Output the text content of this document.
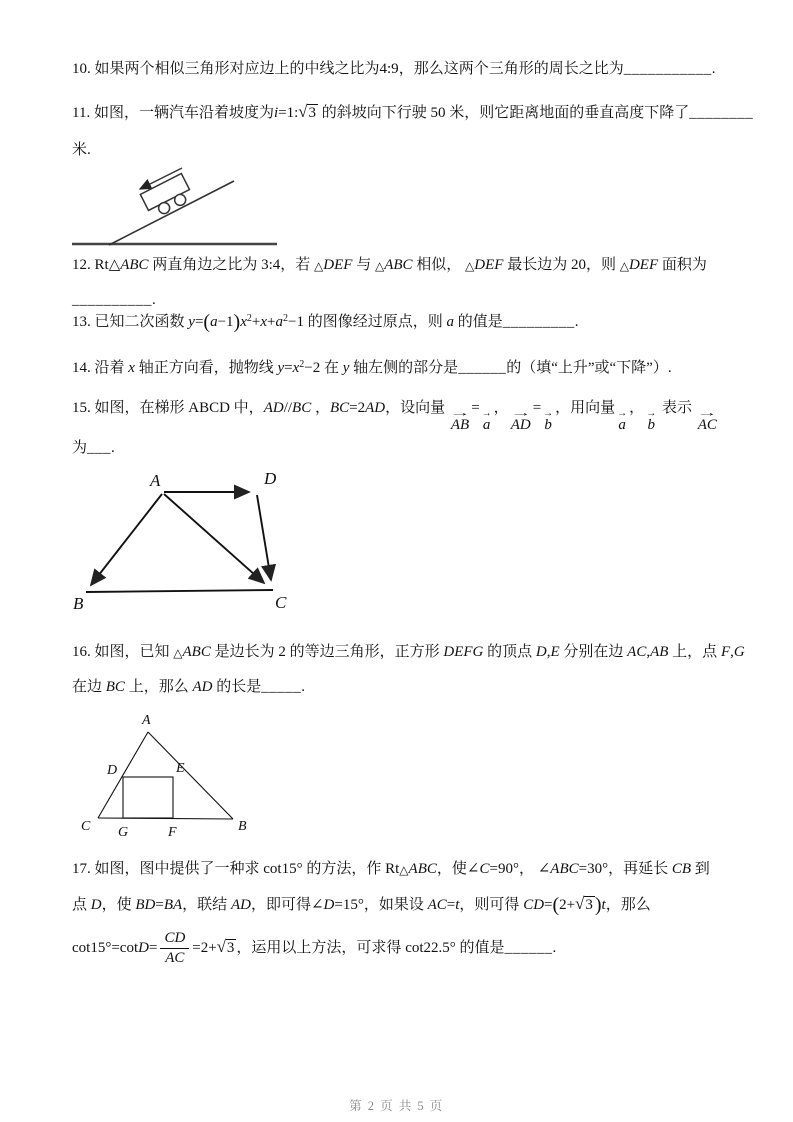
10. 如果两个相似三角形对应边上的中线之比为4:9，那么这两个三角形的周长之比为___________.
11. 如图，一辆汽车沿着坡度为i=1:√3 的斜坡向下行驶 50 米，则它距离地面的垂直高度下降了________
米.
12. Rt△ABC 两直角边之比为 3:4，若 △DEF 与 △ABC 相似， △DEF 最长边为 20，则 △DEF 面积为
__________.
13. 已知二次函数 $y=(a-1)x^2+x+a^2-1$ 的图像经过原点，则 a 的值是_________.
14. 沿着 x 轴正方向看，抛物线 $y=x^2-2$ 在 y 轴左侧的部分是______的（填“上升”或“下降”）.
15. 如图，在梯形 ABCD 中，AD//BC ，BC=2AD，设向量 →
AB
= →
a
， →
AD
= →
b
，用向量 →
a
， →
b
表示 →
AC
为___.
A	D
B	C
16. 如图，已知 △ABC 是边长为 2 的等边三角形，正方形 DEFG 的顶点 D,E 分别在边 AC,AB 上，点 F,G
在边 BC 上，那么 AD 的长是_____.
A
D	E
C G	F	B
17. 如图，图中提供了一种求 cot15° 的方法，作 Rt△ABC，使∠C=90°， ∠ABC=30°，再延长 CB 到
点 D，使 BD=BA，联结 AD，即可得∠D=15°，如果设 AC=t，则可得 CD=(2+√3 )t，那么
$\cot 15^\circ=\cot D= \frac{CD}{AC} =2+√3$ ，运用以上方法，可求得 cot22.5° 的值是______.
第 2 页 共 5 页
